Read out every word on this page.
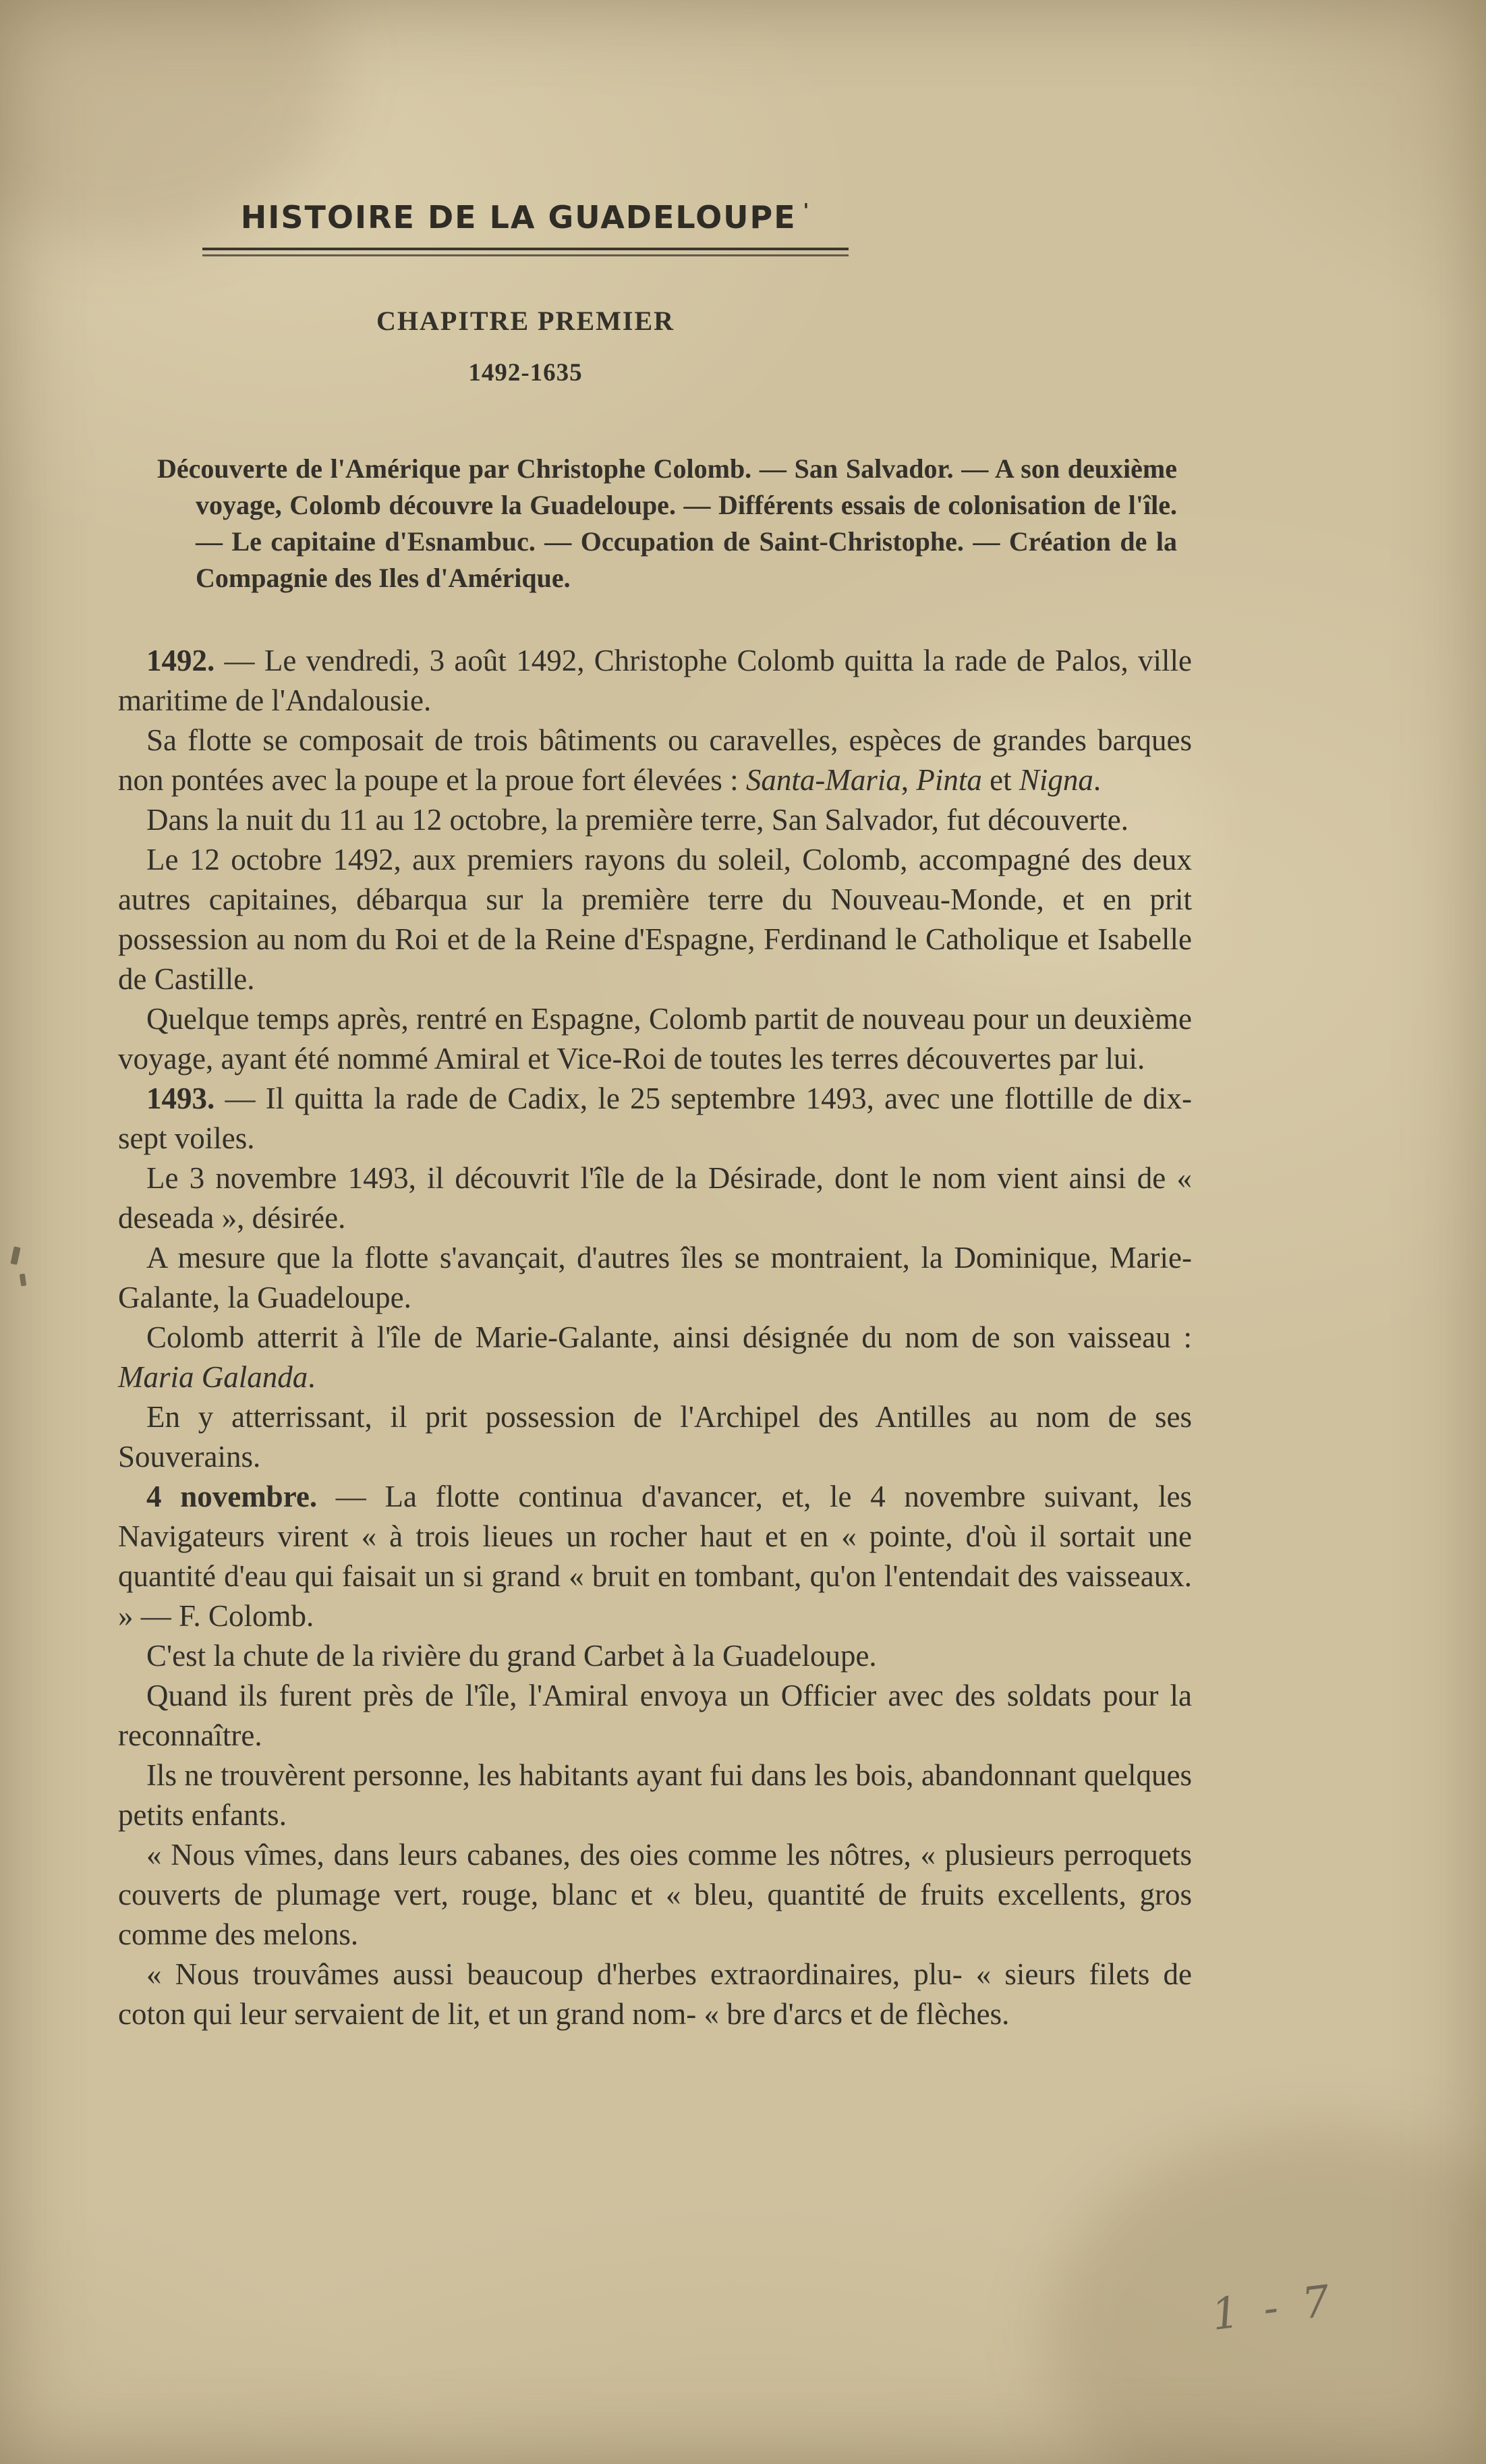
HISTOIRE DE LA GUADELOUPE '
CHAPITRE PREMIER
1492-1635

Découverte de l'Amérique par Christophe Colomb. — San Salvador. — A son deuxième voyage, Colomb découvre la Guadeloupe. — Différents essais de colonisation de l'île. — Le capitaine d'Esnambuc. — Occupation de Saint-Christophe. — Création de la Compagnie des Iles d'Amérique.

1492. — Le vendredi, 3 août 1492, Christophe Colomb quitta la rade de Palos, ville maritime de l'Andalousie.

Sa flotte se composait de trois bâtiments ou caravelles, espèces de grandes barques non pontées avec la poupe et la proue fort élevées : Santa-Maria, Pinta et Nigna.

Dans la nuit du 11 au 12 octobre, la première terre, San Salvador, fut découverte.

Le 12 octobre 1492, aux premiers rayons du soleil, Colomb, accompagné des deux autres capitaines, débarqua sur la première terre du Nouveau-Monde, et en prit possession au nom du Roi et de la Reine d'Espagne, Ferdinand le Catholique et Isabelle de Castille.

Quelque temps après, rentré en Espagne, Colomb partit de nouveau pour un deuxième voyage, ayant été nommé Amiral et Vice-Roi de toutes les terres découvertes par lui.

1493. — Il quitta la rade de Cadix, le 25 septembre 1493, avec une flottille de dix-sept voiles.

Le 3 novembre 1493, il découvrit l'île de la Désirade, dont le nom vient ainsi de « deseada », désirée.

A mesure que la flotte s'avançait, d'autres îles se montraient, la Dominique, Marie-Galante, la Guadeloupe.

Colomb atterrit à l'île de Marie-Galante, ainsi désignée du nom de son vaisseau : Maria Galanda.

En y atterrissant, il prit possession de l'Archipel des Antilles au nom de ses Souverains.

4 novembre. — La flotte continua d'avancer, et, le 4 novembre suivant, les Navigateurs virent « à trois lieues un rocher haut et en « pointe, d'où il sortait une quantité d'eau qui faisait un si grand « bruit en tombant, qu'on l'entendait des vaisseaux. » — F. Colomb.

C'est la chute de la rivière du grand Carbet à la Guadeloupe.

Quand ils furent près de l'île, l'Amiral envoya un Officier avec des soldats pour la reconnaître.

Ils ne trouvèrent personne, les habitants ayant fui dans les bois, abandonnant quelques petits enfants.

« Nous vîmes, dans leurs cabanes, des oies comme les nôtres, « plusieurs perroquets couverts de plumage vert, rouge, blanc et « bleu, quantité de fruits excellents, gros comme des melons.

« Nous trouvâmes aussi beaucoup d'herbes extraordinaires, plu- « sieurs filets de coton qui leur servaient de lit, et un grand nom- « bre d'arcs et de flèches.

1 - 7
